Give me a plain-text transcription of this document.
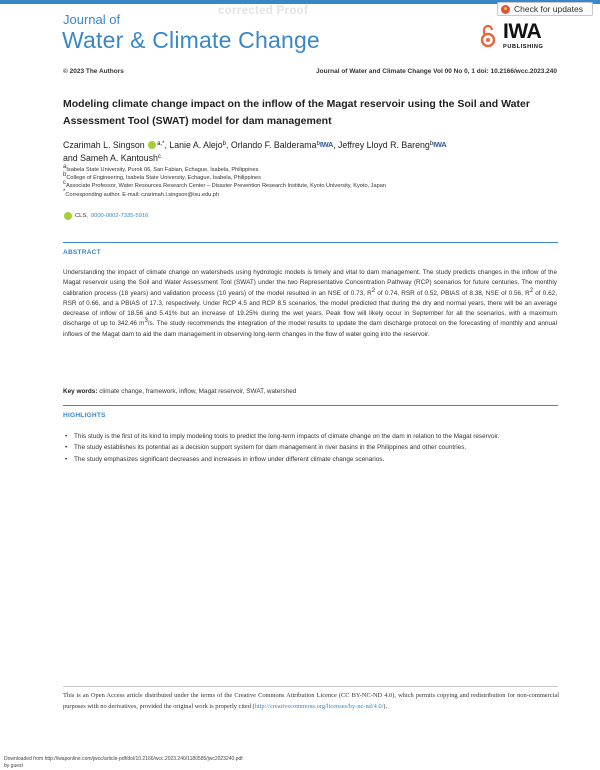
corrected Proof
Journal of
Water & Climate Change
Check for updates
IWA
PUBLISHING
© 2023 The Authors	Journal of Water and Climate Change Vol 00 No 0, 1 doi: 10.2166/wcc.2023.240
Modeling climate change impact on the inflow of the Magat reservoir using the Soil and Water Assessment Tool (SWAT) model for dam management
Czarimah L. Singson $^{a,*}$, Lanie A. Alejo$^b$, Orlando F. Balderama$^b$IWA, Jeffrey Lloyd R. Bareng$^b$IWA
and Sameh A. Kantoush$^c$
$^a$Isabela State University, Purok 06, San Fabian, Echague, Isabela, Philippines
$^b$College of Engineering, Isabela State University, Echague, Isabela, Philippines
$^c$Associate Professor, Water Resources Research Center – Disaster Prevention Research Institute, Kyoto University, Kyoto, Japan
*Corresponding author. E-mail: czarimah.l.singson@isu.edu.ph
CLS, 0000-0002-7335-5916
ABSTRACT
Understanding the impact of climate change on watersheds using hydrologic models is timely and vital to dam management. The study predicts changes in the inflow of the Magat reservoir using the Soil and Water Assessment Tool (SWAT) under the two Representative Concentration Pathway (RCP) scenarios for future centuries. The monthly calibration process (18 years) and validation process (10 years) of the model resulted in an NSE of 0.73, $R^2$ of 0.74, RSR of 0.52, PBIAS of 8.38, NSE of 0.56, $R^2$ of 0.62, RSR of 0.66, and a PBIAS of 17.3, respectively. Under RCP 4.5 and RCP 8.5 scenarios, the model predicted that during the dry and normal years, there will be an average decrease of inflow of 18.56 and 5.41% but an increase of 19.25% during the wet years. Peak flow will likely occur in September for all the scenarios, with a maximum discharge of up to 342.46 $m^3/s$. The study recommends the integration of the model results to update the dam discharge protocol on the forecasting of monthly and annual inflows of the Magat dam to aid the dam management in observing long-term changes in the flow of water going into the reservoir.
Key words: climate change, framework, inflow, Magat reservoir, SWAT, watershed
HIGHLIGHTS
• This study is the first of its kind to imply modeling tools to predict the long-term impacts of climate change on the dam in relation to the Magat reservoir.
• The study establishes its potential as a decision support system for dam management in river basins in the Philippines and other countries.
• The study emphasizes significant decreases and increases in inflow under different climate change scenarios.
This is an Open Access article distributed under the terms of the Creative Commons Attribution Licence (CC BY-NC-ND 4.0), which permits copying and redistribution for non-commercial purposes with no derivatives, provided the original work is properly cited (http://creativecommons.org/licenses/by-nc-nd/4.0/).
Downloaded from http://iwaponline.com/jwcc/article-pdf/doi/10.2166/wcc.2023.240/1180585/jwc2023240.pdf
by guest
